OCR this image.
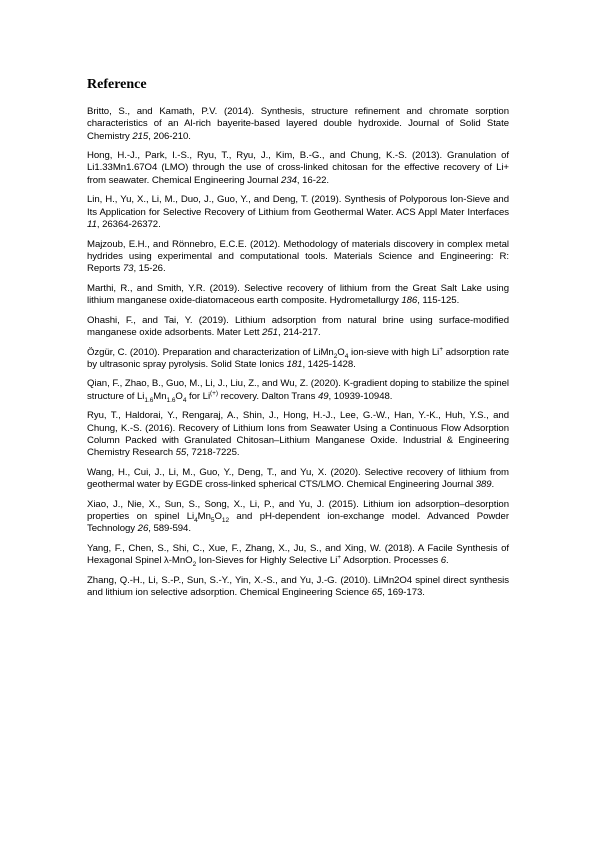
Reference

Britto, S., and Kamath, P.V. (2014). Synthesis, structure refinement and chromate sorption characteristics of an Al-rich bayerite-based layered double hydroxide. Journal of Solid State Chemistry 215, 206-210.

Hong, H.-J., Park, I.-S., Ryu, T., Ryu, J., Kim, B.-G., and Chung, K.-S. (2013). Granulation of Li1.33Mn1.67O4 (LMO) through the use of cross-linked chitosan for the effective recovery of Li+ from seawater. Chemical Engineering Journal 234, 16-22.

Lin, H., Yu, X., Li, M., Duo, J., Guo, Y., and Deng, T. (2019). Synthesis of Polyporous Ion-Sieve and Its Application for Selective Recovery of Lithium from Geothermal Water. ACS Appl Mater Interfaces 11, 26364-26372.

Majzoub, E.H., and Rönnebro, E.C.E. (2012). Methodology of materials discovery in complex metal hydrides using experimental and computational tools. Materials Science and Engineering: R: Reports 73, 15-26.

Marthi, R., and Smith, Y.R. (2019). Selective recovery of lithium from the Great Salt Lake using lithium manganese oxide-diatomaceous earth composite. Hydrometallurgy 186, 115-125.

Ohashi, F., and Tai, Y. (2019). Lithium adsorption from natural brine using surface-modified manganese oxide adsorbents. Mater Lett 251, 214-217.

Özgür, C. (2010). Preparation and characterization of $LiMn_2O_4$ ion-sieve with high Li+ adsorption rate by ultrasonic spray pyrolysis. Solid State Ionics 181, 1425-1428.

Qian, F., Zhao, B., Guo, M., Li, J., Liu, Z., and Wu, Z. (2020). K-gradient doping to stabilize the spinel structure of $Li_{1.6}Mn_{1.6}O_4$ for Li(+) recovery. Dalton Trans 49, 10939-10948.

Ryu, T., Haldorai, Y., Rengaraj, A., Shin, J., Hong, H.-J., Lee, G.-W., Han, Y.-K., Huh, Y.S., and Chung, K.-S. (2016). Recovery of Lithium Ions from Seawater Using a Continuous Flow Adsorption Column Packed with Granulated Chitosan–Lithium Manganese Oxide. Industrial & Engineering Chemistry Research 55, 7218-7225.

Wang, H., Cui, J., Li, M., Guo, Y., Deng, T., and Yu, X. (2020). Selective recovery of lithium from geothermal water by EGDE cross-linked spherical CTS/LMO. Chemical Engineering Journal 389.

Xiao, J., Nie, X., Sun, S., Song, X., Li, P., and Yu, J. (2015). Lithium ion adsorption–desorption properties on spinel $Li_4Mn_5O_{12}$ and pH-dependent ion-exchange model. Advanced Powder Technology 26, 589-594.

Yang, F., Chen, S., Shi, C., Xue, F., Zhang, X., Ju, S., and Xing, W. (2018). A Facile Synthesis of Hexagonal Spinel λ-MnO$_2$ Ion-Sieves for Highly Selective Li+ Adsorption. Processes 6.

Zhang, Q.-H., Li, S.-P., Sun, S.-Y., Yin, X.-S., and Yu, J.-G. (2010). LiMn2O4 spinel direct synthesis and lithium ion selective adsorption. Chemical Engineering Science 65, 169-173.
